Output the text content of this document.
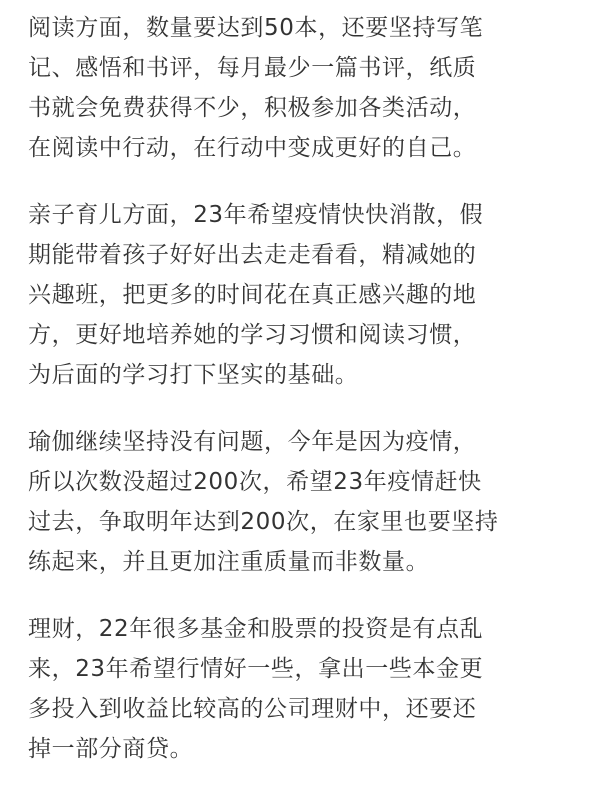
阅读方面，数量要达到50本，还要坚持写笔
记、感悟和书评，每月最少一篇书评，纸质
书就会免费获得不少，积极参加各类活动，
在阅读中行动，在行动中变成更好的自己。
亲子育儿方面，23年希望疫情快快消散，假
期能带着孩子好好出去走走看看，精减她的
兴趣班，把更多的时间花在真正感兴趣的地
方，更好地培养她的学习习惯和阅读习惯，
为后面的学习打下坚实的基础。
瑜伽继续坚持没有问题，今年是因为疫情，
所以次数没超过200次，希望23年疫情赶快
过去，争取明年达到200次，在家里也要坚持
练起来，并且更加注重质量而非数量。
理财，22年很多基金和股票的投资是有点乱
来，23年希望行情好一些，拿出一些本金更
多投入到收益比较高的公司理财中，还要还
掉一部分商贷。
